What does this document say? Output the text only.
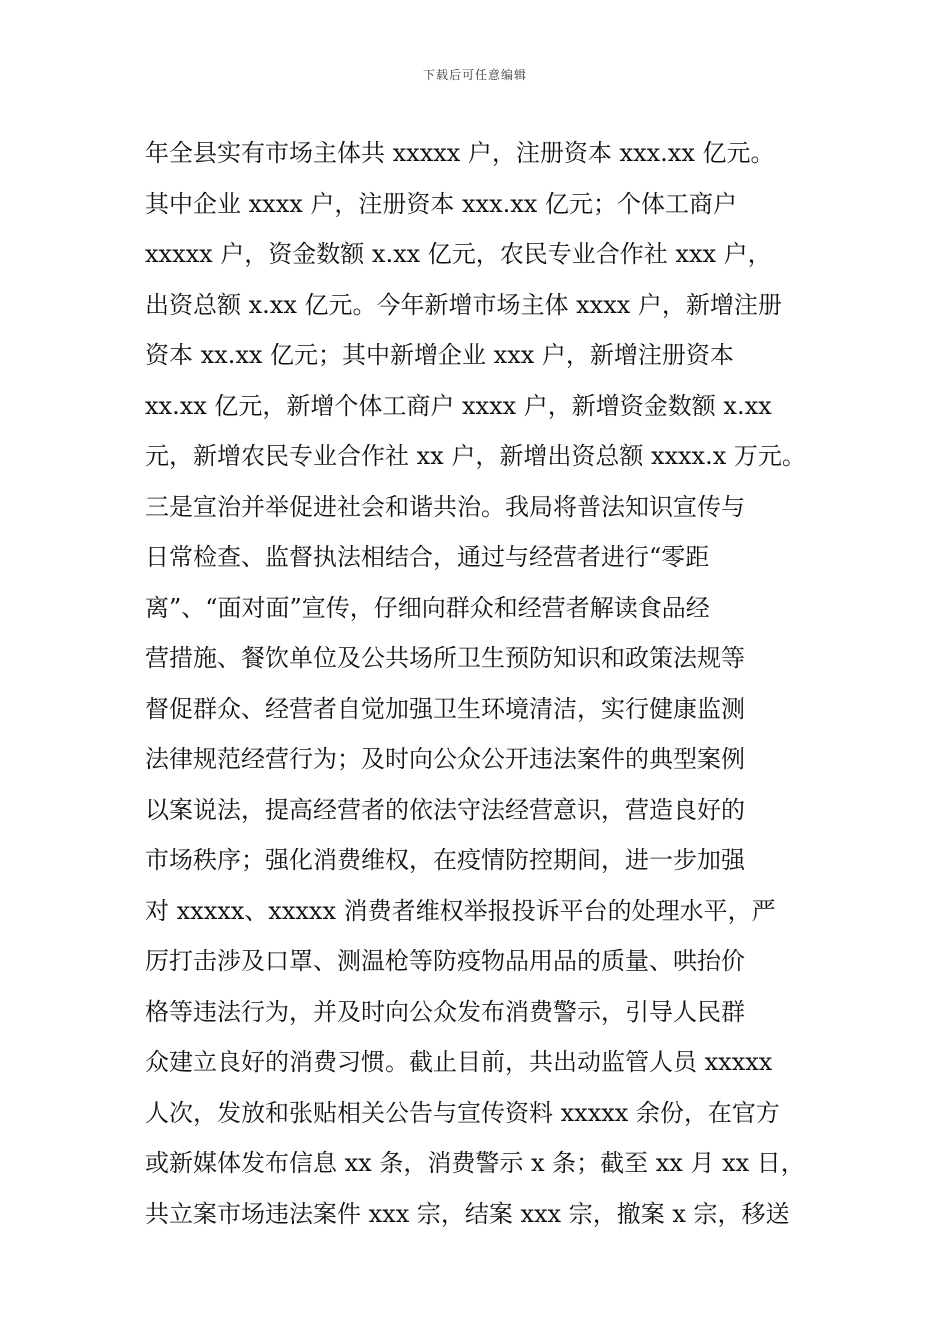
下载后可任意编辑
年全县实有市场主体共 xxxxx 户，注册资本 xxx.xx 亿元。
其中企业 xxxx 户，注册资本 xxx.xx 亿元；个体工商户
xxxxx 户，资金数额 x.xx 亿元，农民专业合作社 xxx 户，
出资总额 x.xx 亿元。今年新增市场主体 xxxx 户，新增注册
资本 xx.xx 亿元；其中新增企业 xxx 户，新增注册资本
xx.xx 亿元，新增个体工商户 xxxx 户，新增资金数额 x.xx
元，新增农民专业合作社 xx 户，新增出资总额 xxxx.x 万元。
三是宣治并举促进社会和谐共治。我局将普法知识宣传与
日常检查、监督执法相结合，通过与经营者进行“零距
离”、“面对面”宣传，仔细向群众和经营者解读食品经
营措施、餐饮单位及公共场所卫生预防知识和政策法规等
督促群众、经营者自觉加强卫生环境清洁，实行健康监测
法律规范经营行为；及时向公众公开违法案件的典型案例
以案说法，提高经营者的依法守法经营意识，营造良好的
市场秩序；强化消费维权，在疫情防控期间，进一步加强
对 xxxxx、xxxxx 消费者维权举报投诉平台的处理水平，严
厉打击涉及口罩、测温枪等防疫物品用品的质量、哄抬价
格等违法行为，并及时向公众发布消费警示，引导人民群
众建立良好的消费习惯。截止目前，共出动监管人员 xxxxx
人次，发放和张贴相关公告与宣传资料 xxxxx 余份，在官方
或新媒体发布信息 xx 条，消费警示 x 条；截至 xx 月 xx 日，
共立案市场违法案件 xxx 宗，结案 xxx 宗，撤案 x 宗，移送
